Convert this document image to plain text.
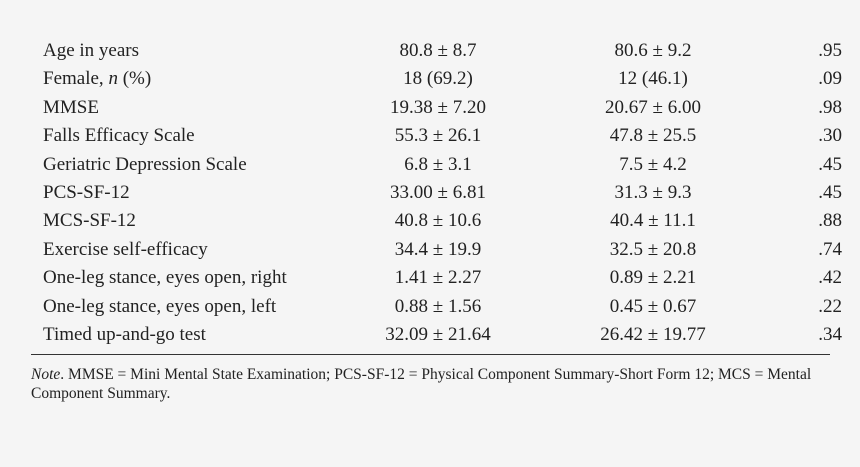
Age in years	80.8 ± 8.7	80.6 ± 9.2	.95
Female, n (%)	18 (69.2)	12 (46.1)	.09
MMSE	19.38 ± 7.20	20.67 ± 6.00	.98
Falls Efficacy Scale	55.3 ± 26.1	47.8 ± 25.5	.30
Geriatric Depression Scale	6.8 ± 3.1	7.5 ± 4.2	.45
PCS-SF-12	33.00 ± 6.81	31.3 ± 9.3	.45
MCS-SF-12	40.8 ± 10.6	40.4 ± 11.1	.88
Exercise self-efficacy	34.4 ± 19.9	32.5 ± 20.8	.74
One-leg stance, eyes open, right	1.41 ± 2.27	0.89 ± 2.21	.42
One-leg stance, eyes open, left	0.88 ± 1.56	0.45 ± 0.67	.22
Timed up-and-go test	32.09 ± 21.64	26.42 ± 19.77	.34
Note. MMSE = Mini Mental State Examination; PCS-SF-12 = Physical Component Summary-Short Form 12; MCS = Mental Component Summary.
